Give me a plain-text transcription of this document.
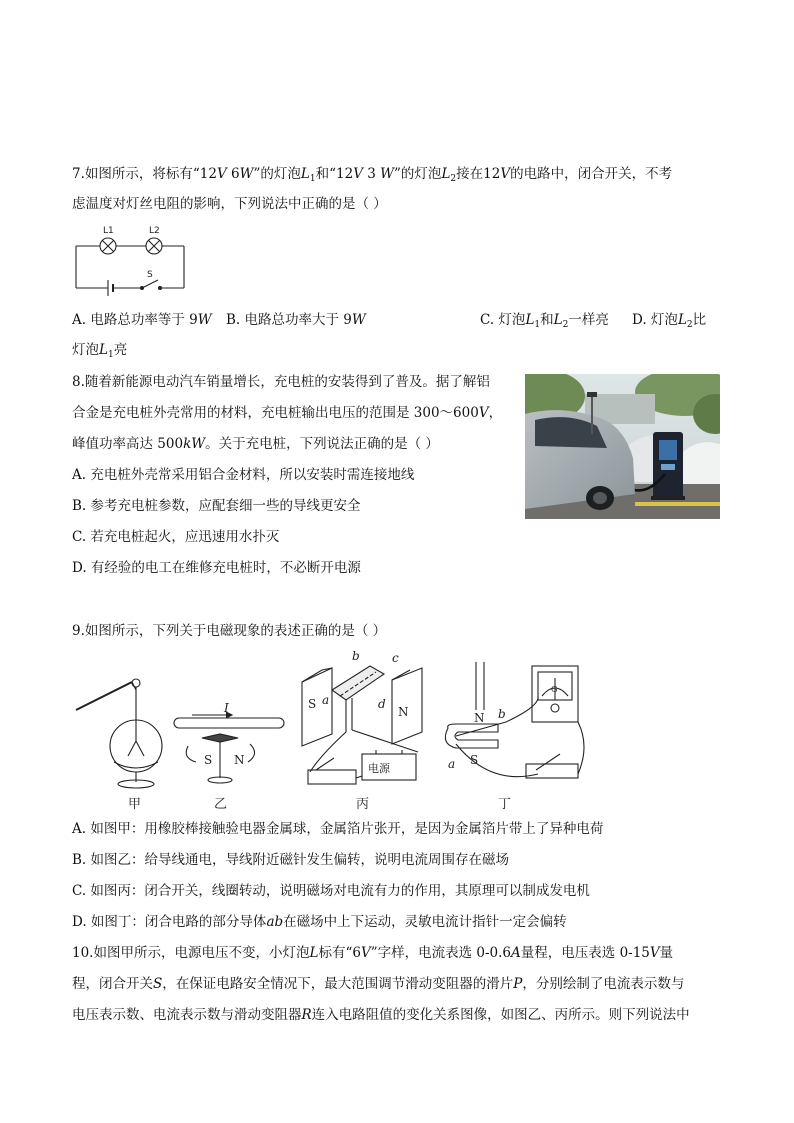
7.如图所示，将标有“12V 6W”的灯泡$L_1$和“12V 3 W”的灯泡$L_2$接在12V的电路中，闭合开关，不考
虑温度对灯丝电阻的影响，下列说法中正确的是（ ）
L1	L2
S
A. 电路总功率等于 9W B. 电路总功率大于 9W	C. 灯泡$L_1$和$L_2$一样亮 D. 灯泡$L_2$比
灯泡$L_1$亮
8.随着新能源电动汽车销量增长，充电桩的安装得到了普及。据了解铝
合金是充电桩外壳常用的材料，充电桩输出电压的范围是 300～600V，
峰值功率高达 500kW。关于充电桩，下列说法正确的是（ ）
A. 充电桩外壳常采用铝合金材料，所以安装时需连接地线
B. 参考充电桩参数，应配套细一些的导线更安全
C. 若充电桩起火，应迅速用水扑灭
D. 有经验的电工在维修充电桩时，不必断开电源
9.如图所示，下列关于电磁现象的表述正确的是（ ）
I
S N
S
N
a
b	c
d
电源
N
S
a
b
G
甲	乙	丙	丁
A. 如图甲：用橡胶棒接触验电器金属球，金属箔片张开，是因为金属箔片带上了异种电荷
B. 如图乙：给导线通电，导线附近磁针发生偏转，说明电流周围存在磁场
C. 如图丙：闭合开关，线圈转动，说明磁场对电流有力的作用，其原理可以制成发电机
D. 如图丁：闭合电路的部分导体ab在磁场中上下运动，灵敏电流计指针一定会偏转
10.如图甲所示，电源电压不变，小灯泡L标有“6V”字样，电流表选 0-0.6A量程，电压表选 0-15V量
程，闭合开关S，在保证电路安全情况下，最大范围调节滑动变阻器的滑片P，分别绘制了电流表示数与
电压表示数、电流表示数与滑动变阻器R连入电路阻值的变化关系图像，如图乙、丙所示。则下列说法中
